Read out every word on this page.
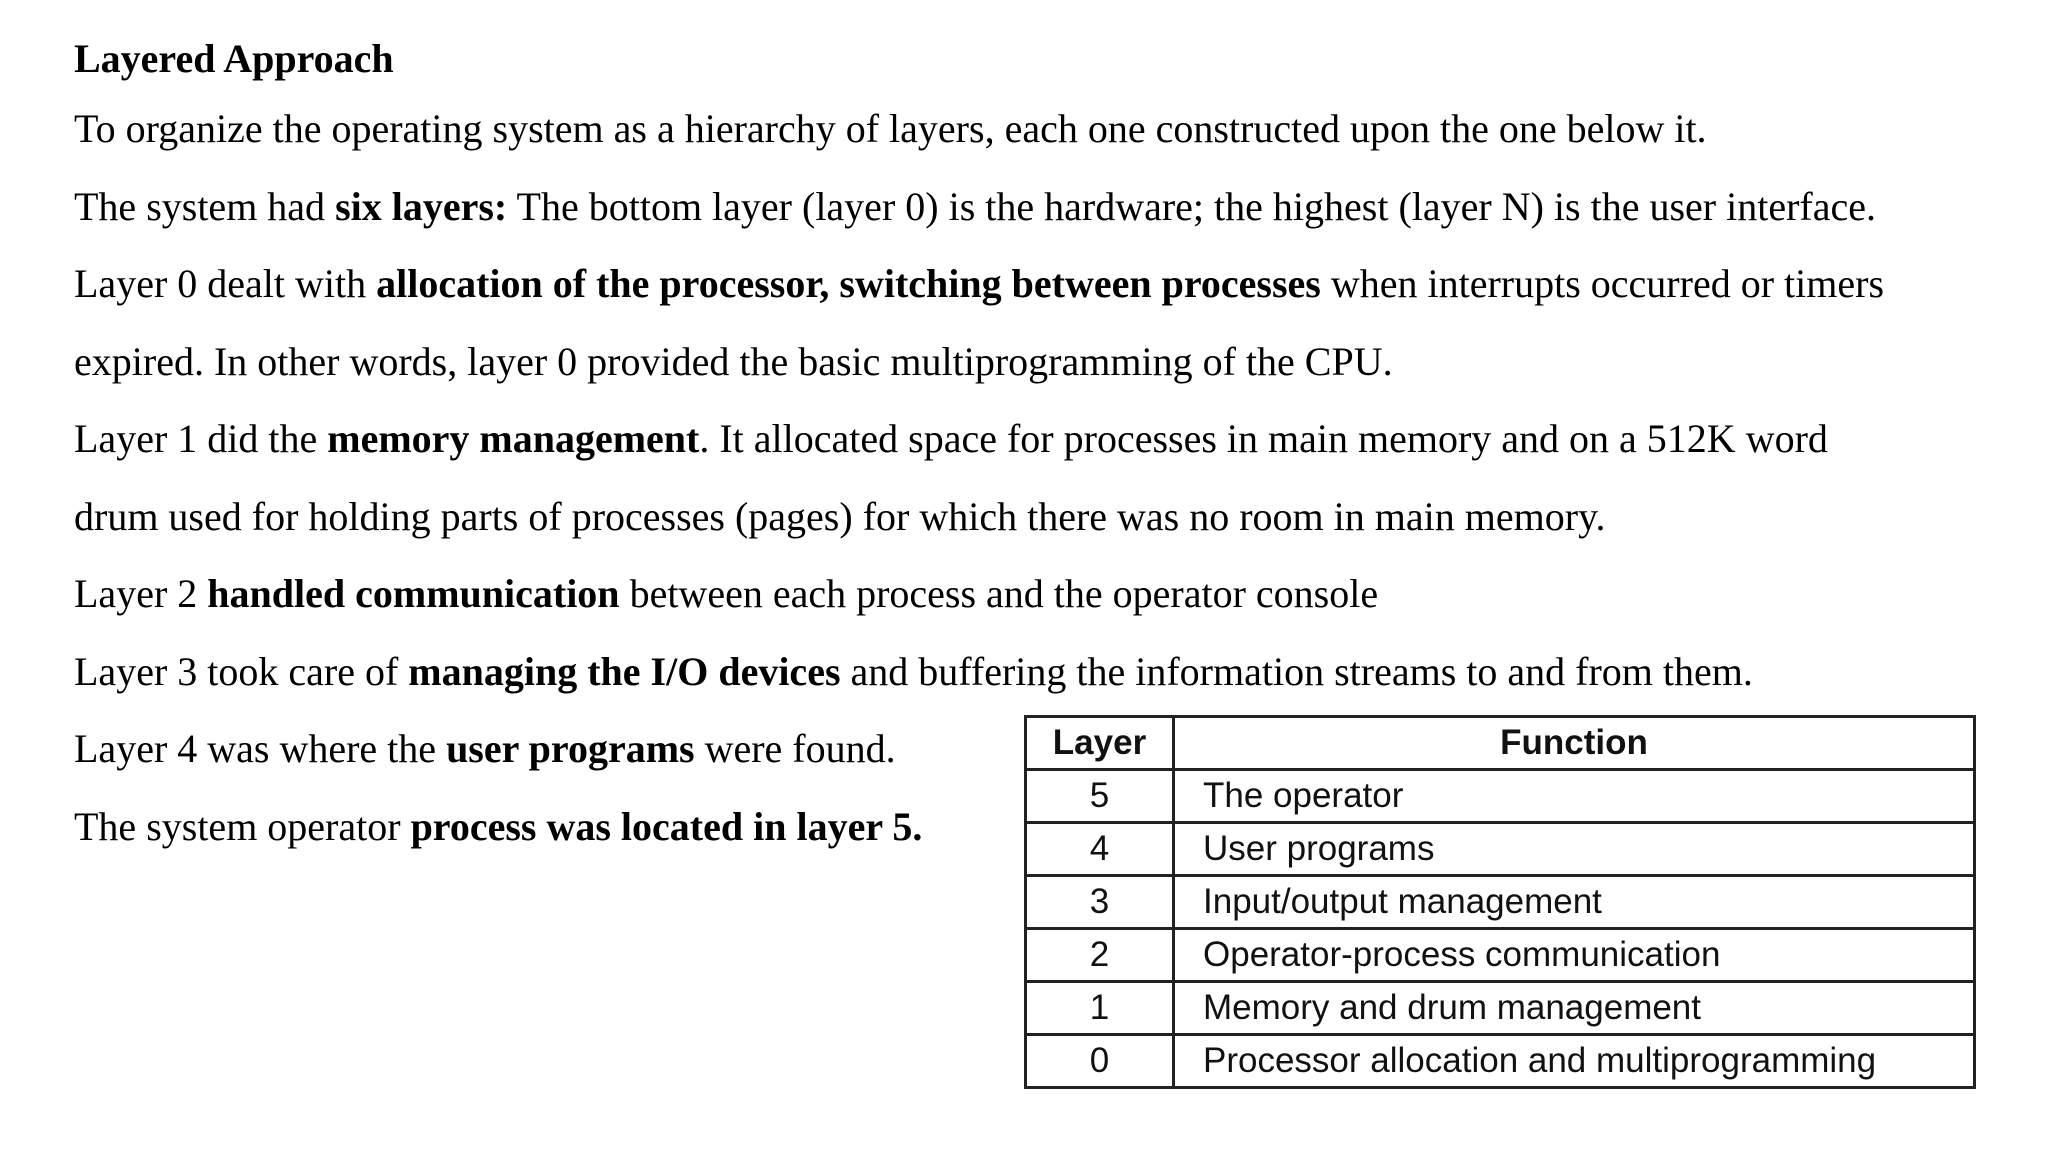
Layered Approach

To organize the operating system as a hierarchy of layers, each one constructed upon the one below it.

The system had six layers: The bottom layer (layer 0) is the hardware; the highest (layer N) is the user interface.

Layer 0 dealt with allocation of the processor, switching between processes when interrupts occurred or timers
expired. In other words, layer 0 provided the basic multiprogramming of the CPU.

Layer 1 did the memory management. It allocated space for processes in main memory and on a 512K word
drum used for holding parts of processes (pages) for which there was no room in main memory.

Layer 2 handled communication between each process and the operator console

Layer 3 took care of managing the I/O devices and buffering the information streams to and from them.

Layer 4 was where the user programs were found.

The system operator process was located in layer 5.

Layer	Function
5	The operator
4	User programs
3	Input/output management
2	Operator-process communication
1	Memory and drum management
0	Processor allocation and multiprogramming
